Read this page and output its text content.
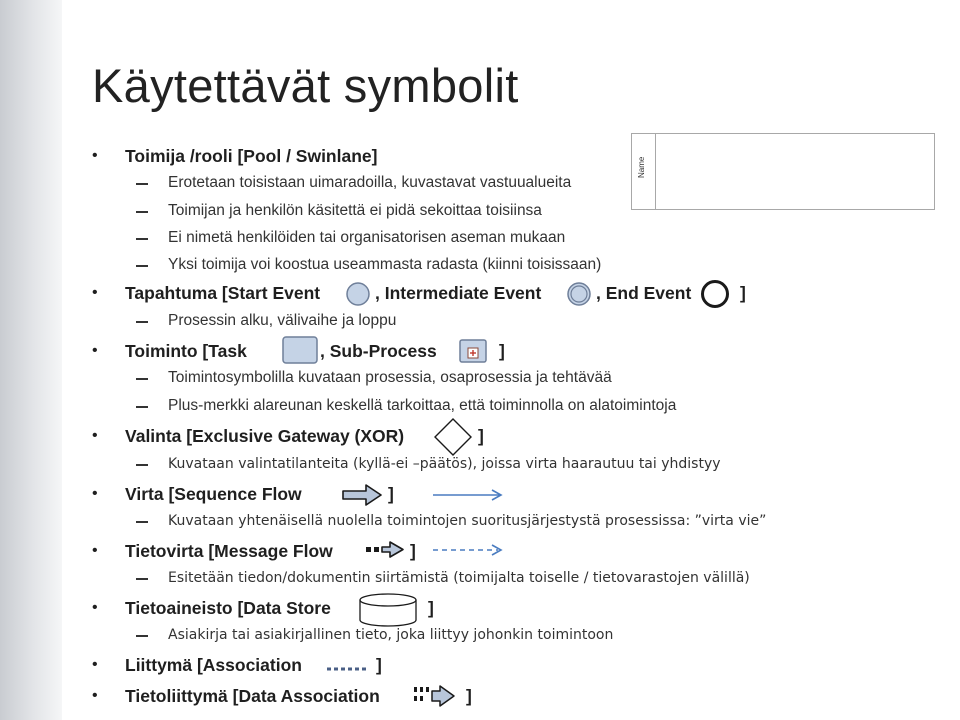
Käytettävät symbolit
Name
• Toimija /rooli [Pool / Swinlane]
Erotetaan toisistaan uimaradoilla, kuvastavat vastuualueita
Toimijan ja henkilön käsitettä ei pidä sekoittaa toisiinsa
Ei nimetä henkilöiden tai organisatorisen aseman mukaan
Yksi toimija voi koostua useammasta radasta (kiinni toisissaan)
• Tapahtuma [Start Event	, Intermediate Event	, End Event	]
Prosessin alku, välivaihe ja loppu
• Toiminto [Task	, Sub-Process	]
Toimintosymbolilla kuvataan prosessia, osaprosessia ja tehtävää
Plus-merkki alareunan keskellä tarkoittaa, että toiminnolla on alatoimintoja
• Valinta [Exclusive Gateway (XOR)	]
Kuvataan valintatilanteita (kyllä-ei –päätös), joissa virta haarautuu tai yhdistyy
• Virta [Sequence Flow	]
Kuvataan yhtenäisellä nuolella toimintojen suoritusjärjestystä prosessissa: ”virta vie”
• Tietovirta [Message Flow	]
Esitetään tiedon/dokumentin siirtämistä (toimijalta toiselle / tietovarastojen välillä)
• Tietoaineisto [Data Store	]
Asiakirja tai asiakirjallinen tieto, joka liittyy johonkin toimintoon
• Liittymä [Association	]
• Tietoliittymä [Data Association	]
